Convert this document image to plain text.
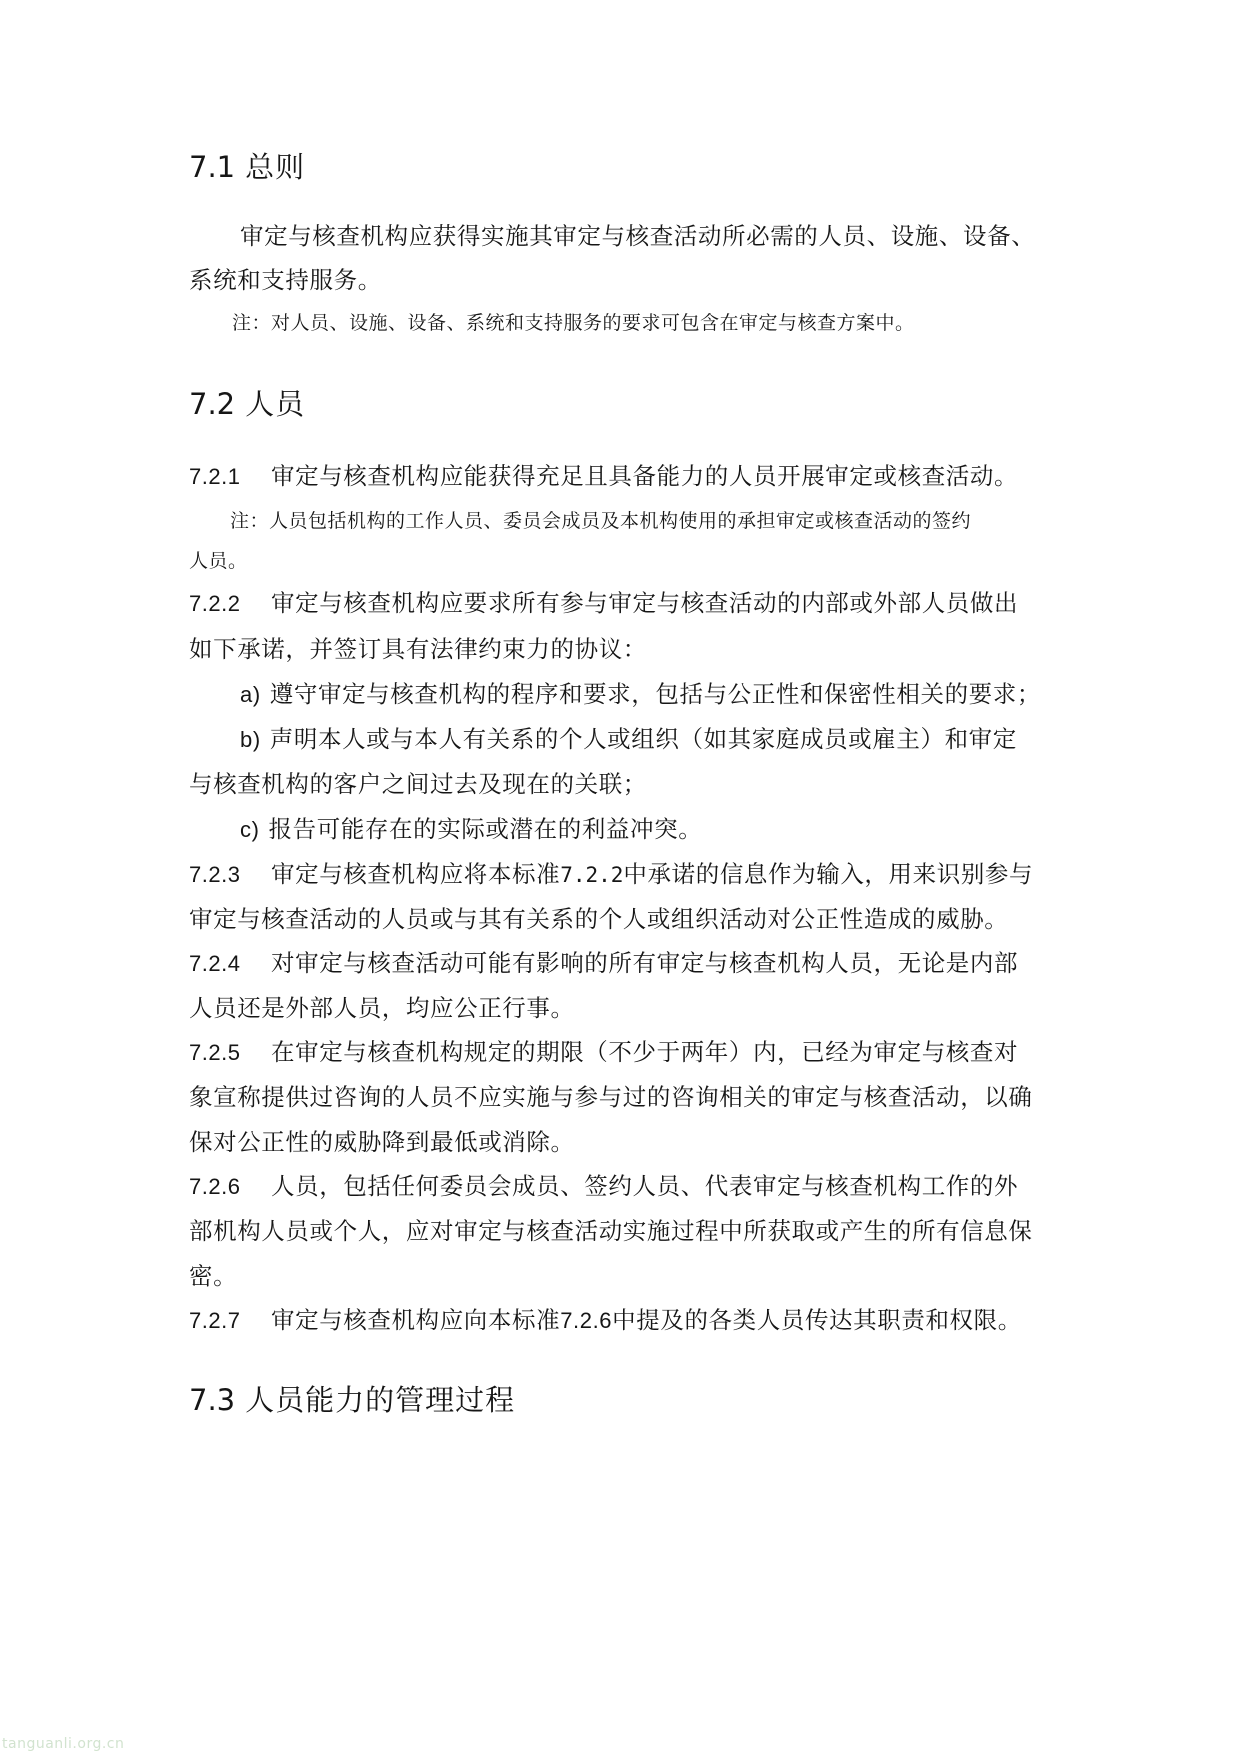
7.1 总则
审定与核查机构应获得实施其审定与核查活动所必需的人员、设施、设备、
系统和支持服务。
注：对人员、设施、设备、系统和支持服务的要求可包含在审定与核查方案中。
7.2 人员
7.2.1 审定与核查机构应能获得充足且具备能力的人员开展审定或核查活动。
注：人员包括机构的工作人员、委员会成员及本机构使用的承担审定或核查活动的签约
人员。
7.2.2 审定与核查机构应要求所有参与审定与核查活动的内部或外部人员做出
如下承诺，并签订具有法律约束力的协议：
a) 遵守审定与核查机构的程序和要求，包括与公正性和保密性相关的要求；
b) 声明本人或与本人有关系的个人或组织（如其家庭成员或雇主）和审定
与核查机构的客户之间过去及现在的关联；
c) 报告可能存在的实际或潜在的利益冲突。
7.2.3 审定与核查机构应将本标准7.2.2中承诺的信息作为输入，用来识别参与
审定与核查活动的人员或与其有关系的个人或组织活动对公正性造成的威胁。
7.2.4 对审定与核查活动可能有影响的所有审定与核查机构人员，无论是内部
人员还是外部人员，均应公正行事。
7.2.5 在审定与核查机构规定的期限（不少于两年）内，已经为审定与核查对
象宣称提供过咨询的人员不应实施与参与过的咨询相关的审定与核查活动，以确
保对公正性的威胁降到最低或消除。
7.2.6 人员，包括任何委员会成员、签约人员、代表审定与核查机构工作的外
部机构人员或个人，应对审定与核查活动实施过程中所获取或产生的所有信息保
密。
7.2.7 审定与核查机构应向本标准7.2.6中提及的各类人员传达其职责和权限。
7.3 人员能力的管理过程
tanguanli.org.cn
